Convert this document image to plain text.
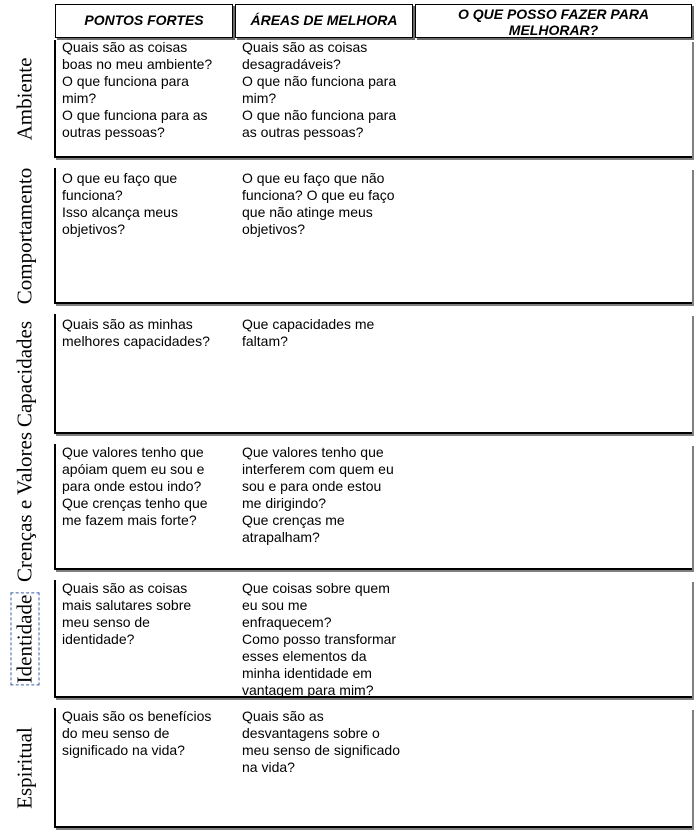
PONTOS FORTES	ÁREAS DE MELHORA	O QUE POSSO FAZER PARA
MELHORAR?
Ambiente
Quais são as coisas
boas no meu ambiente?
O que funciona para
mim?
O que funciona para as
outras pessoas?
Quais são as coisas
desagradáveis?
O que não funciona para
mim?
O que não funciona para
as outras pessoas?
Comportamento O que eu faço que
funciona?
Isso alcança meus
objetivos?
O que eu faço que não
funciona? O que eu faço
que não atinge meus
objetivos?
Capacidades Quais são as minhas
melhores capacidades?
Que capacidades me
faltam?
Crenças e Valores Que valores tenho que
apóiam quem eu sou e
para onde estou indo?
Que crenças tenho que
me fazem mais forte?
Que valores tenho que
interferem com quem eu
sou e para onde estou
me dirigindo?
Que crenças me
atrapalham?
Identidade
Quais são as coisas
mais salutares sobre
meu senso de
identidade?
Que coisas sobre quem
eu sou me
enfraquecem?
Como posso transformar
esses elementos da
minha identidade em
vantagem para mim?
Espiritual
Quais são os benefícios
do meu senso de
significado na vida?
Quais são as
desvantagens sobre o
meu senso de significado
na vida?
